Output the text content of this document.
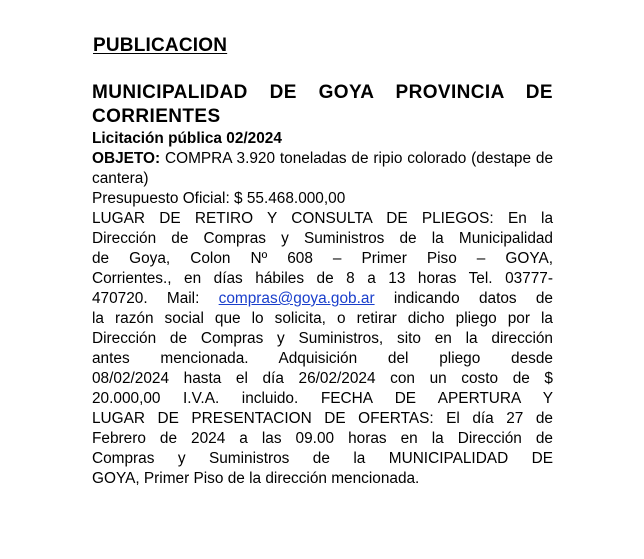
PUBLICACION
MUNICIPALIDAD DE GOYA PROVINCIA DE CORRIENTES

Licitación pública 02/2024
OBJETO: COMPRA 3.920 toneladas de ripio colorado (destape de cantera)
Presupuesto Oficial: $ 55.468.000,00
LUGAR DE RETIRO Y CONSULTA DE PLIEGOS: En la
Dirección de Compras y Suministros de la Municipalidad
de Goya, Colon Nº 608 – Primer Piso – GOYA,
Corrientes., en días hábiles de 8 a 13 horas Tel. 03777-
470720. Mail: compras@goya.gob.ar indicando datos de
la razón social que lo solicita, o retirar dicho pliego por la
Dirección de Compras y Suministros, sito en la dirección
antes mencionada. Adquisición del pliego desde
08/02/2024 hasta el día 26/02/2024 con un costo de $
20.000,00 I.V.A. incluido. FECHA DE APERTURA Y
LUGAR DE PRESENTACION DE OFERTAS: El día 27 de
Febrero de 2024 a las 09.00 horas en la Dirección de
Compras y Suministros de la MUNICIPALIDAD DE
GOYA, Primer Piso de la dirección mencionada.
